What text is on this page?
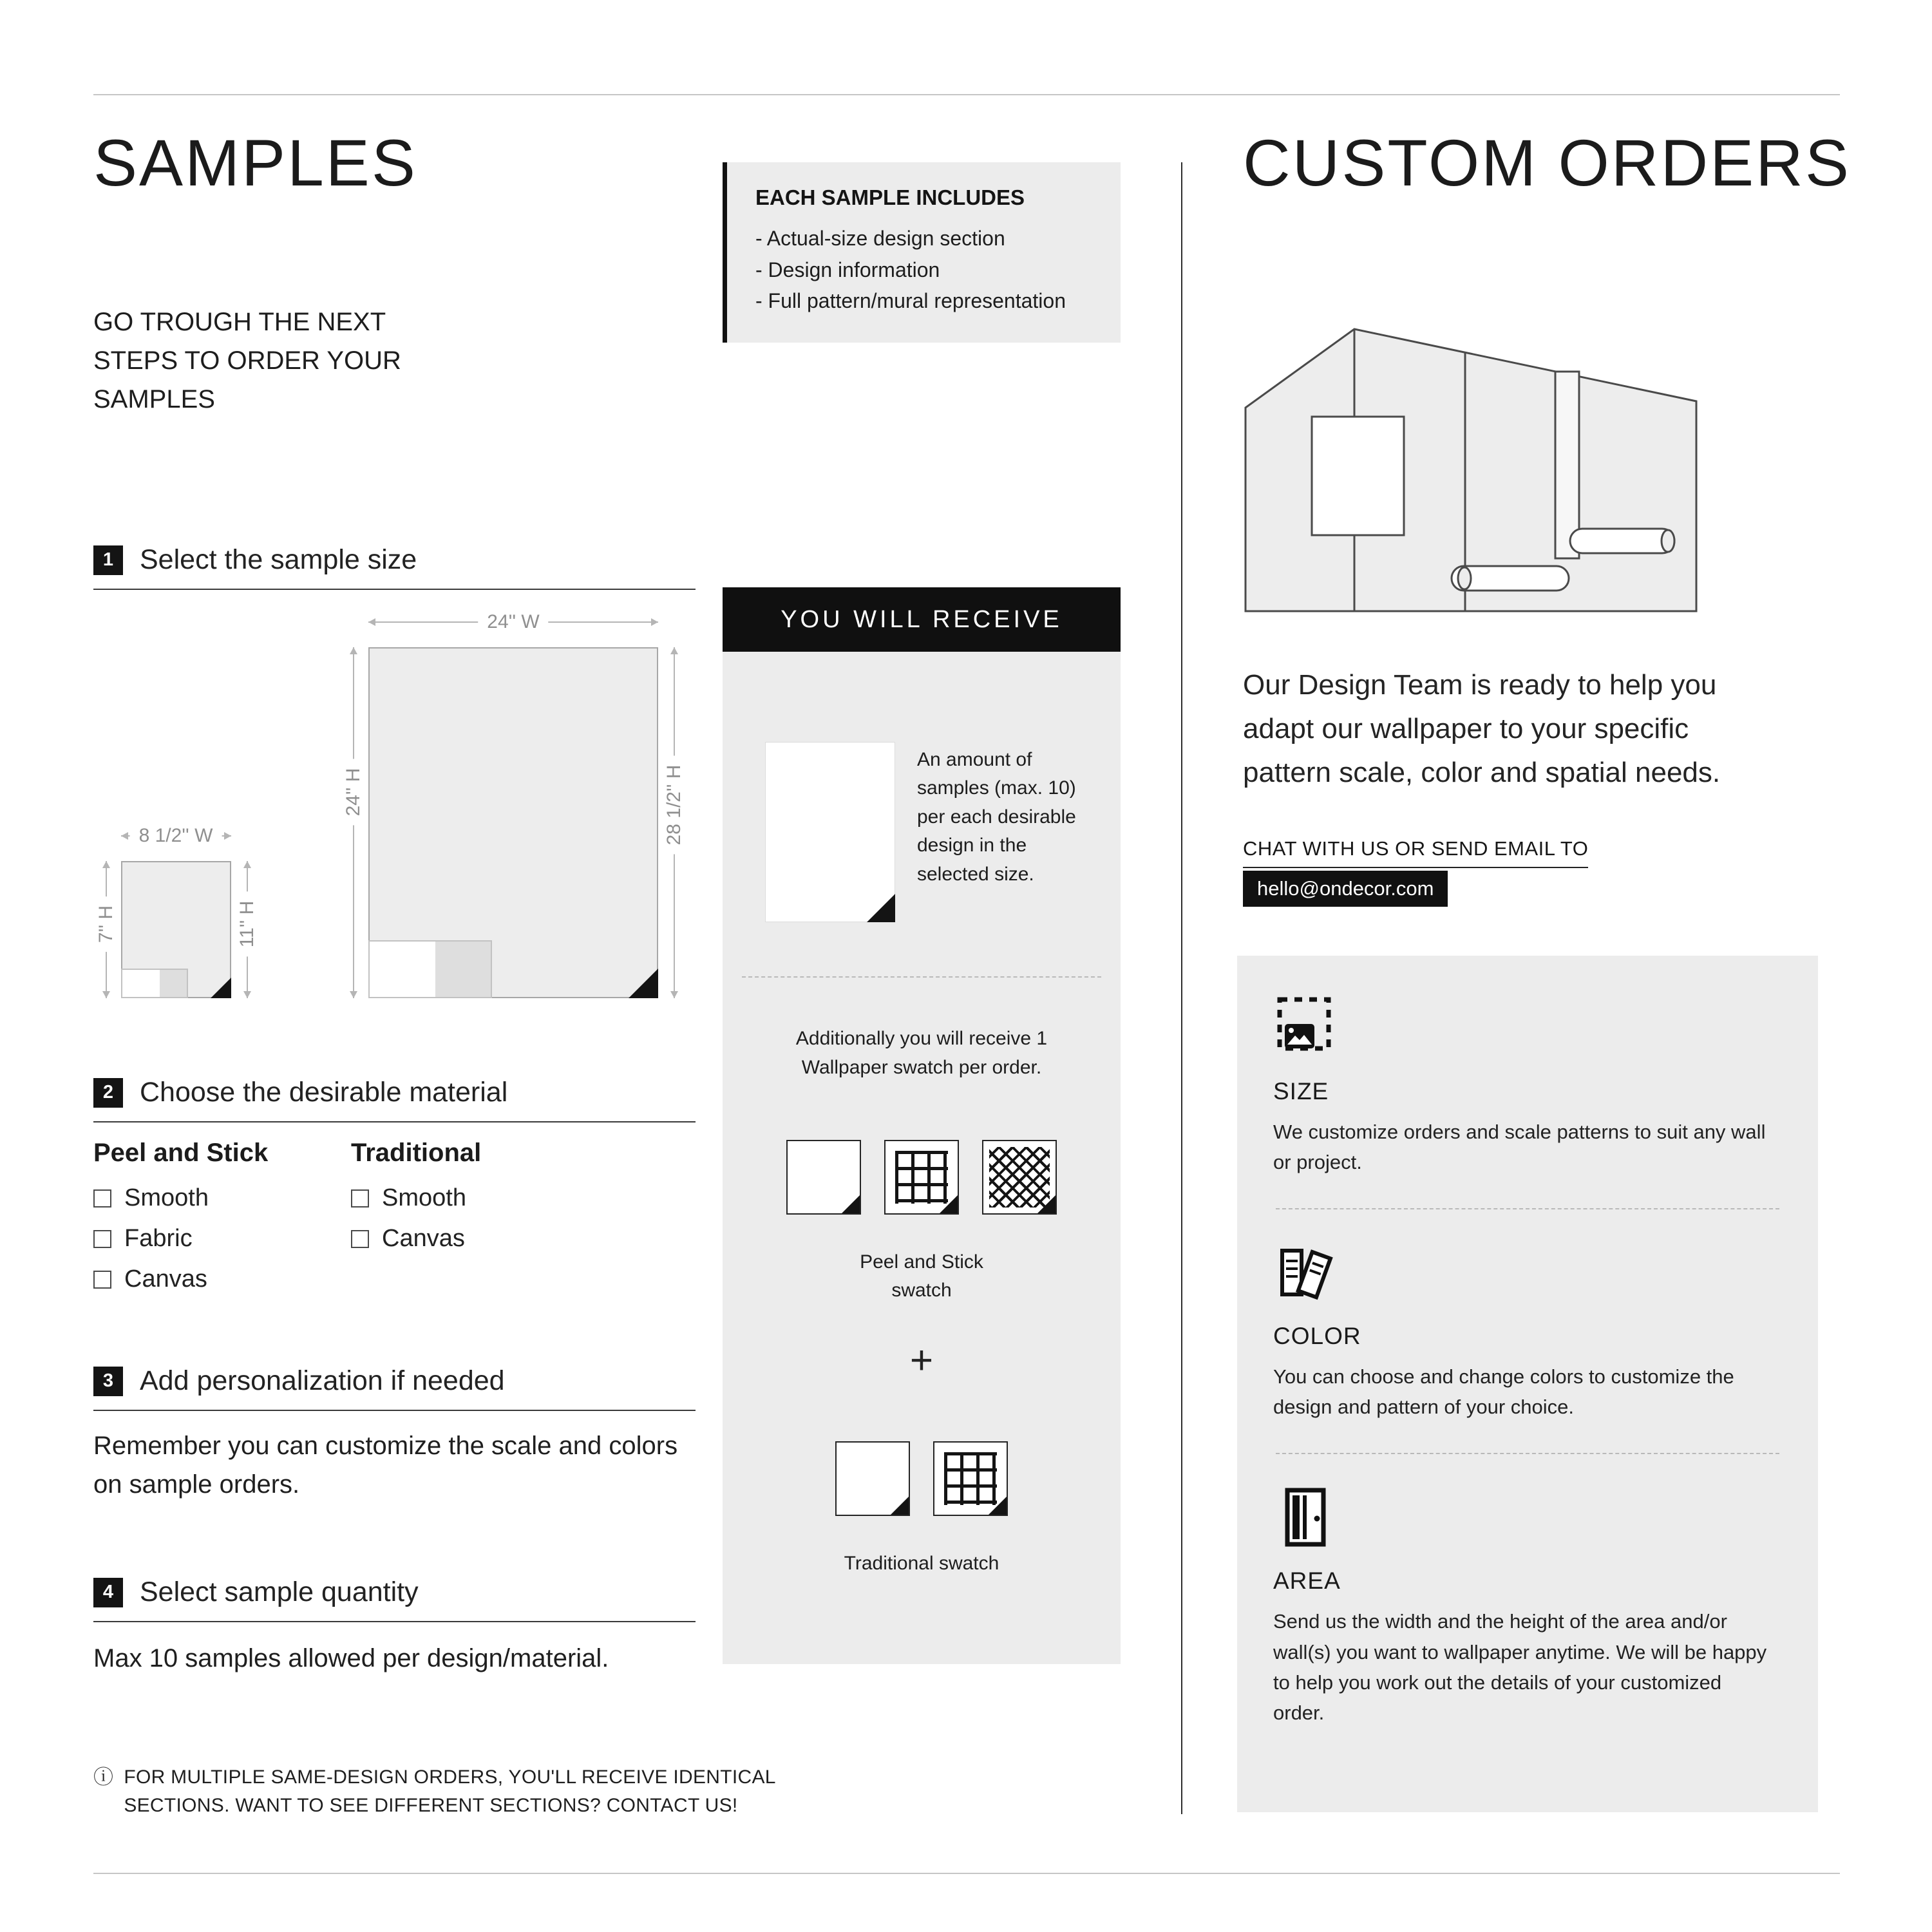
SAMPLES

GO TROUGH THE NEXT STEPS TO ORDER YOUR SAMPLES

1 Select the sample size
24'' W
24'' H	28 1/2'' H
8 1/2'' W
7'' H	11'' H
2 Choose the desirable material

Peel and Stick

Smooth
Fabric
Canvas

Traditional

Smooth
Canvas
3 Add personalization if needed

Remember you can customize the scale and colors on sample orders.

4 Select sample quantity

Max 10 samples allowed per design/material.

ⓘ FOR MULTIPLE SAME-DESIGN ORDERS, YOU'LL RECEIVE IDENTICAL SECTIONS. WANT TO SEE DIFFERENT SECTIONS? CONTACT US!
EACH SAMPLE INCLUDES
- Actual-size design section
- Design information
- Full pattern/mural representation
YOU WILL RECEIVE

An amount of samples (max. 10) per each desirable design in the selected size.

Additionally you will receive 1 Wallpaper swatch per order.

Peel and Stick swatch

+

Traditional swatch

CUSTOM ORDERS

Our Design Team is ready to help you adapt our wallpaper to your specific pattern scale, color and spatial needs.

CHAT WITH US OR SEND EMAIL TO
hello@ondecor.com
SIZE

We customize orders and scale patterns to suit any wall or project.

COLOR

You can choose and change colors to customize the design and pattern of your choice.

AREA

Send us the width and the height of the area and/or wall(s) you want to wallpaper anytime. We will be happy to help you work out the details of your customized order.
